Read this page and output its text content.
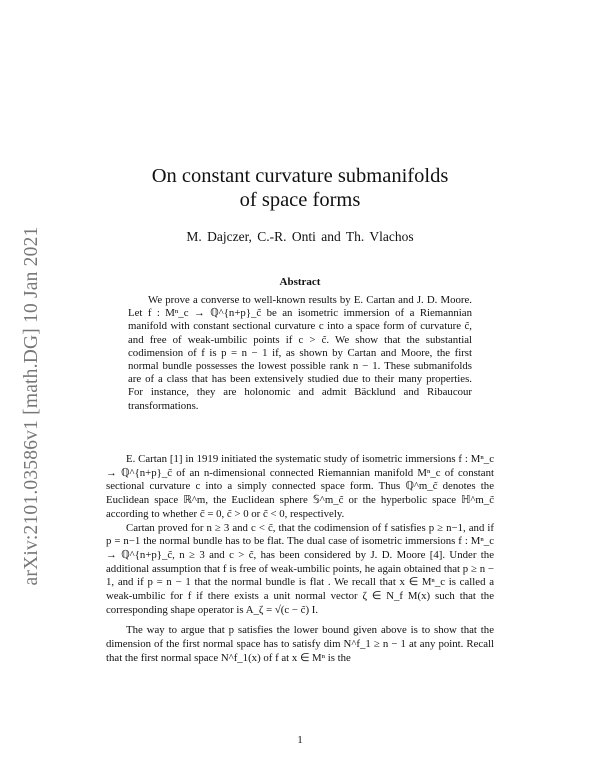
arXiv:2101.03586v1 [math.DG] 10 Jan 2021
On constant curvature submanifolds
of space forms
M. Dajczer, C.-R. Onti and Th. Vlachos
Abstract

We prove a converse to well-known results by E. Cartan and J. D. Moore. Let f : Mⁿ_c → ℚ^{n+p}_c̃ be an isometric immersion of a Riemannian manifold with constant sectional curvature c into a space form of curvature c̃, and free of weak-umbilic points if c > c̃. We show that the substantial codimension of f is p = n − 1 if, as shown by Cartan and Moore, the first normal bundle possesses the lowest possible rank n − 1. These submanifolds are of a class that has been extensively studied due to their many properties. For instance, they are holonomic and admit Bäcklund and Ribaucour transformations.

E. Cartan [1] in 1919 initiated the systematic study of isometric immersions f : Mⁿ_c → ℚ^{n+p}_c̃ of an n-dimensional connected Riemannian manifold Mⁿ_c of constant sectional curvature c into a simply connected space form. Thus ℚ^m_c̃ denotes the Euclidean space ℝ^m, the Euclidean sphere 𝕊^m_c̃ or the hyperbolic space ℍ^m_c̃ according to whether c̃ = 0, c̃ > 0 or c̃ < 0, respectively.

Cartan proved for n ≥ 3 and c < c̃, that the codimension of f satisfies p ≥ n−1, and if p = n−1 the normal bundle has to be flat. The dual case of isometric immersions f : Mⁿ_c → ℚ^{n+p}_c̃, n ≥ 3 and c > c̃, has been considered by J. D. Moore [4]. Under the additional assumption that f is free of weak-umbilic points, he again obtained that p ≥ n − 1, and if p = n − 1 that the normal bundle is flat . We recall that x ∈ Mⁿ_c is called a weak-umbilic for f if there exists a unit normal vector ζ ∈ N_f M(x) such that the corresponding shape operator is A_ζ = √(c − c̃) I.

The way to argue that p satisfies the lower bound given above is to show that the dimension of the first normal space has to satisfy dim N^f_1 ≥ n − 1 at any point. Recall that the first normal space N^f_1(x) of f at x ∈ Mⁿ is the

1
